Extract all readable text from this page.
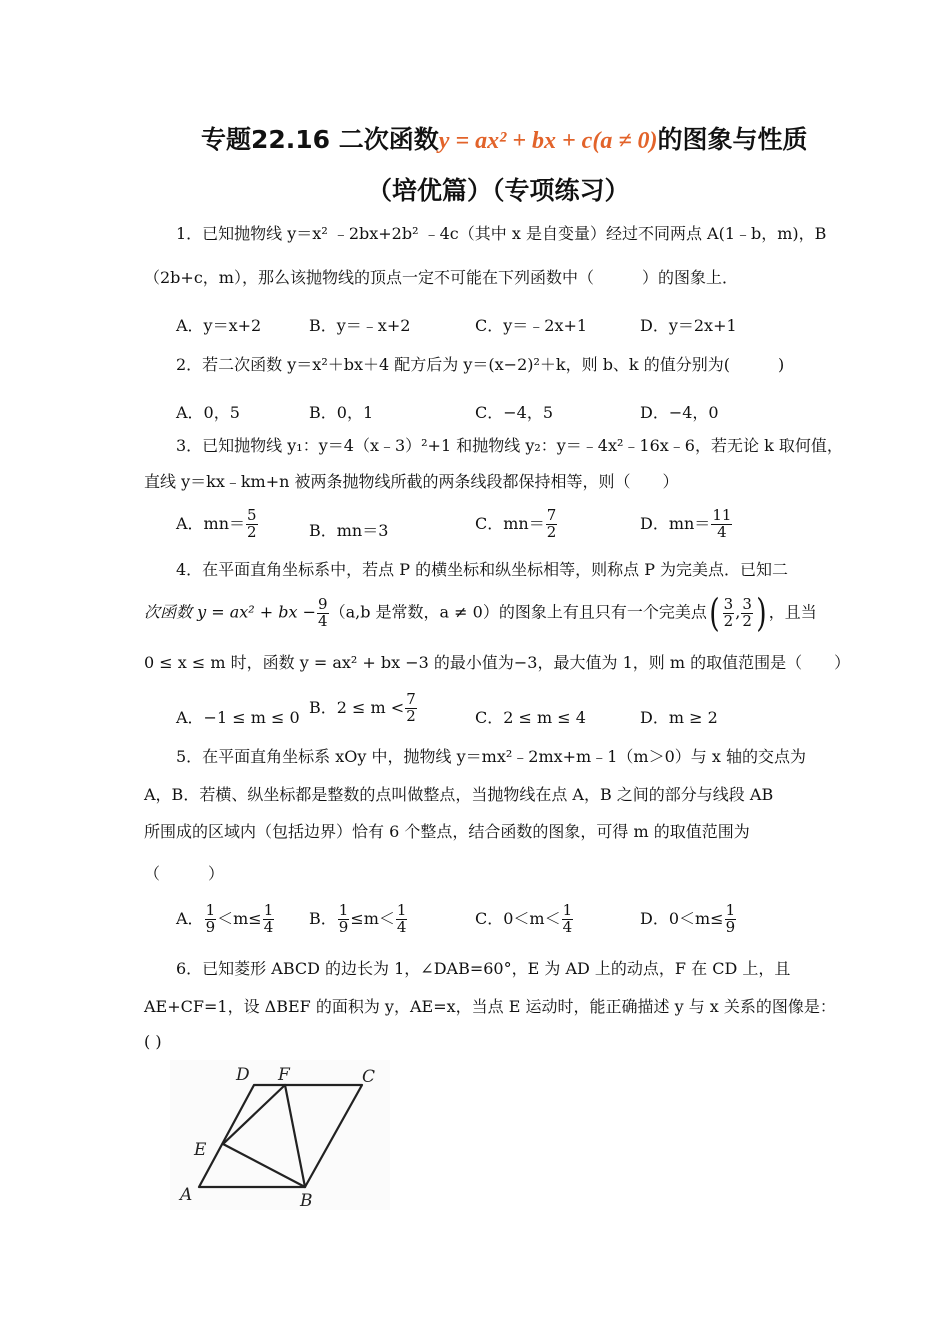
专题22.16 二次函数y = ax² + bx + c(a ≠ 0)的图象与性质
（培优篇）（专项练习）
1．已知抛物线 y＝x² ﹣2bx+2b² ﹣4c（其中 x 是自变量）经过不同两点 A(1﹣b，m)，B
（2b+c，m），那么该抛物线的顶点一定不可能在下列函数中（　　　）的图象上．
A．y＝x+2	B．y＝﹣x+2	C．y＝﹣2x+1	D．y＝2x+1
2．若二次函数 y＝x²＋bx＋4 配方后为 y＝(x−2)²＋k，则 b、k 的值分别为(　　　)
A．0，5	B．0，1	C．−4，5	D．−4，0
3．已知抛物线 y₁：y＝4（x﹣3）²+1 和抛物线 y₂：y＝﹣4x²﹣16x﹣6，若无论 k 取何值，
直线 y＝kx﹣km+n 被两条抛物线所截的两条线段都保持相等，则（　　）
A．$mn= \frac{5}{2}$	B．mn＝3	C．$mn= \frac{7}{2}$	D．$mn= \frac{11}{4}$
4．在平面直角坐标系中，若点 P 的横坐标和纵坐标相等，则称点 P 为完美点．已知二
次函数 y = ax² + bx − $\frac{9}{4} (a,b$ 是常数，a ≠ 0）的图象上有且只有一个完美点( $\frac{3}{2}$ , $\frac{3}{2}$ ) ，且当
0 ≤ x ≤ m 时，函数 y = ax² + bx −3 的最小值为−3，最大值为 1，则 m 的取值范围是（　　）
A．−1 ≤ m ≤ 0
B．$2 \le m < \frac{7}{2}$	C．2 ≤ m ≤ 4	D．m ≥ 2
5．在平面直角坐标系 xOy 中，抛物线 y＝mx²﹣2mx+m﹣1（m＞0）与 x 轴的交点为
A，B．若横、纵坐标都是整数的点叫做整点，当抛物线在点 A，B 之间的部分与线段 AB
所围成的区域内（包括边界）恰有 6 个整点，结合函数的图象，可得 m 的取值范围为
（　　　）
A． $\frac{1}{9} <m\le \frac{1}{4}$ B． $\frac{1}{9} \le m< \frac{1}{4}$	C．$0<m< \frac{1}{4}$	D．$0<m\le \frac{1}{9}$
6．已知菱形 ABCD 的边长为 1，∠DAB=60°，E 为 AD 上的动点，F 在 CD 上，且
AE+CF=1，设 ΔBEF 的面积为 y，AE=x，当点 E 运动时，能正确描述 y 与 x 关系的图像是：
( )
D F	C
E
A	B
